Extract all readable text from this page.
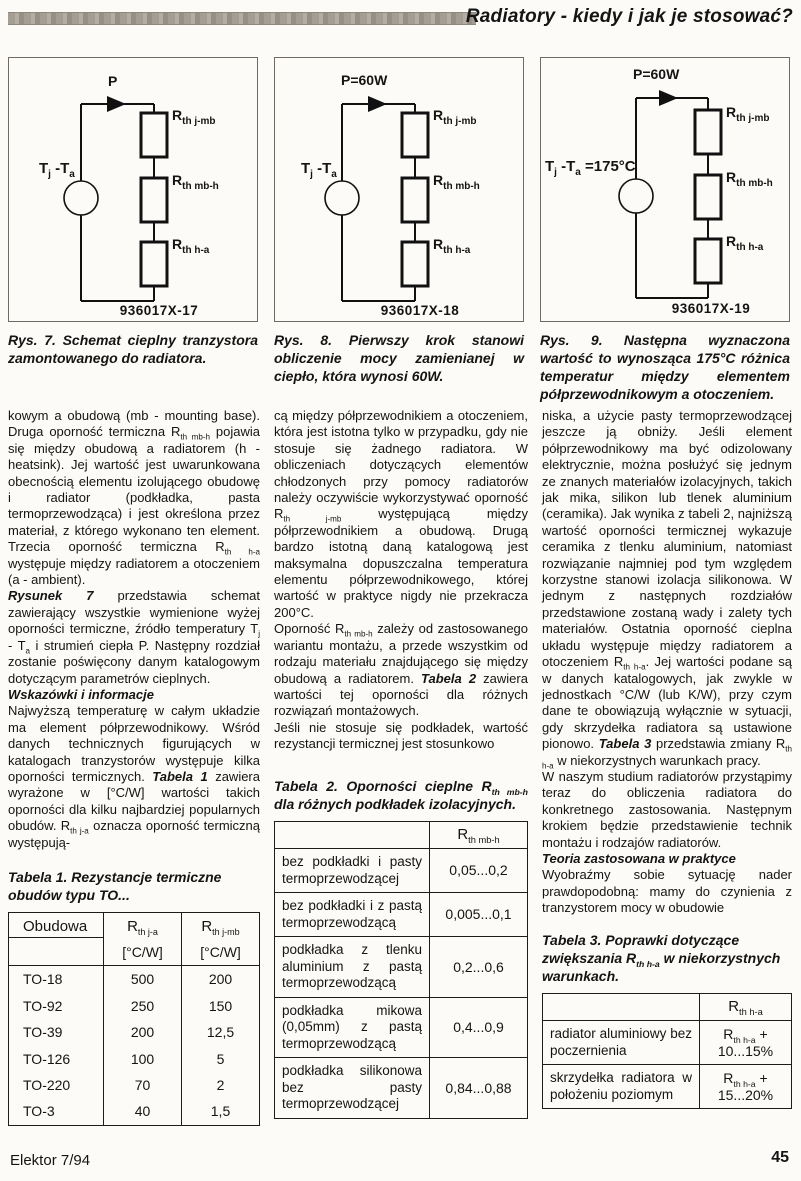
Radiatory - kiedy i jak je stosować?
P
$T_j$ $-T_a$
$R_{th j-mb}$
$R_{th mb-h}$
$R_{th h-a}$
936017X-17
Rys. 7. Schemat cieplny tranzystora zamontowanego do radiatora.
P=60W
$T_j$ $-T_a$
$R_{th j-mb}$
$R_{th mb-h}$
$R_{th h-a}$
936017X-18
Rys. 8. Pierwszy krok stanowi obliczenie mocy zamienianej w ciepło, która wynosi 60W.
P=60W
$T_j$ $-T_a =175^\circ C$
$R_{th j-mb}$
$R_{th mb-h}$
$R_{th h-a}$
936017X-19
Rys. 9. Następna wyznaczona wartość to wynosząca 175°C różnica temperatur między elementem półprzewodnikowym a otoczeniem.

kowym a obudową (mb - mounting base). Druga oporność termiczna $R_{th mb-h}$ pojawia się między obudową a radiatorem (h - heatsink). Jej wartość jest uwarunkowana obecnością elementu izolującego obudowę i radiator (podkładka, pasta termoprzewodząca) i jest określona przez materiał, z którego wykonano ten element. Trzecia oporność termiczna $R_{th h-a}$ występuje między radiatorem a otoczeniem (a - ambient).

Rysunek 7 przedstawia schemat zawierający wszystkie wymienione wyżej oporności termiczne, źródło temperatury $T_j - T_a$ i strumień ciepła P. Następny rozdział zostanie poświęcony danym katalogowym dotyczącym parametrów cieplnych.

Wskazówki i informacje

Najwyższą temperaturę w całym układzie ma element półprzewodnikowy. Wśród danych technicznych figurujących w katalogach tranzystorów występuje kilka oporności termicznych. Tabela 1 zawiera wyrażone w [°C/W] wartości takich oporności dla kilku najbardziej popularnych obudów. $R_{th j-a}$ oznacza oporność termiczną występują-

Tabela 1. Rezystancje termiczne obudów typu TO...
Obudowa	$R_{th j-a}$	$R_{th j-mb}$
	[°C/W]	[°C/W]
TO-18	500	200
TO-92	250	150
TO-39	200	12,5
TO-126	100	5
TO-220	70	2
TO-3	40	1,5

cą między półprzewodnikiem a otoczeniem, która jest istotna tylko w przypadku, gdy nie stosuje się żadnego radiatora. W obliczeniach dotyczących elementów chłodzonych przy pomocy radiatorów należy oczywiście wykorzystywać oporność $R_{th j-mb}$ występującą między półprzewodnikiem a obudową. Drugą bardzo istotną daną katalogową jest maksymalna dopuszczalna temperatura elementu półprzewodnikowego, której wartość w praktyce nigdy nie przekracza 200°C.

Oporność $R_{th mb-h}$ zależy od zastosowanego wariantu montażu, a przede wszystkim od rodzaju materiału znajdującego się między obudową a radiatorem. Tabela 2 zawiera wartości tej oporności dla różnych rozwiązań montażowych.

Jeśli nie stosuje się podkładek, wartość rezystancji termicznej jest stosunkowo

Tabela 2. Oporności cieplne $R_{th mb-h}$ dla różnych podkładek izolacyjnych.
	$R_{th mb-h}$
bez podkładki i pasty termoprzewodzącej	0,05...0,2
bez podkładki i z pastą termoprzewodzącą	0,005...0,1
podkładka z tlenku aluminium z pastą termoprzewodzącą	0,2...0,6
podkładka mikowa (0,05mm) z pastą termoprzewodzącą	0,4...0,9
podkładka silikonowa bez pasty termoprzewodzącej	0,84...0,88

niska, a użycie pasty termoprzewodzącej jeszcze ją obniży. Jeśli element półprzewodnikowy ma być odizolowany elektrycznie, można posłużyć się jednym ze znanych materiałów izolacyjnych, takich jak mika, silikon lub tlenek aluminium (ceramika). Jak wynika z tabeli 2, najniższą wartość oporności termicznej wykazuje ceramika z tlenku aluminium, natomiast rozwiązanie najmniej pod tym względem korzystne stanowi izolacja silikonowa. W jednym z następnych rozdziałów przedstawione zostaną wady i zalety tych materiałów. Ostatnia oporność cieplna układu występuje między radiatorem a otoczeniem $R_{th h-a}$. Jej wartości podane są w danych katalogowych, jak zwykle w jednostkach °C/W (lub K/W), przy czym dane te obowiązują wyłącznie w sytuacji, gdy skrzydełka radiatora są ustawione pionowo. Tabela 3 przedstawia zmiany $R_{th h-a}$ w niekorzystnych warunkach pracy.

W naszym studium radiatorów przystąpimy teraz do obliczenia radiatora do konkretnego zastosowania. Następnym krokiem będzie przedstawienie technik montażu i rodzajów radiatorów.

Teoria zastosowana w praktyce

Wyobraźmy sobie sytuację nader prawdopodobną: mamy do czynienia z tranzystorem mocy w obudowie

Tabela 3. Poprawki dotyczące zwiększania $R_{th h-a}$ w niekorzystnych warunkach.
	$R_{th h-a}$
radiator aluminiowy bez poczernienia	$R_{th h-a} + 10...15\%$
skrzydełka radiatora w położeniu poziomym	$R_{th h-a} + 15...20\%$
Elektor 7/94	45
